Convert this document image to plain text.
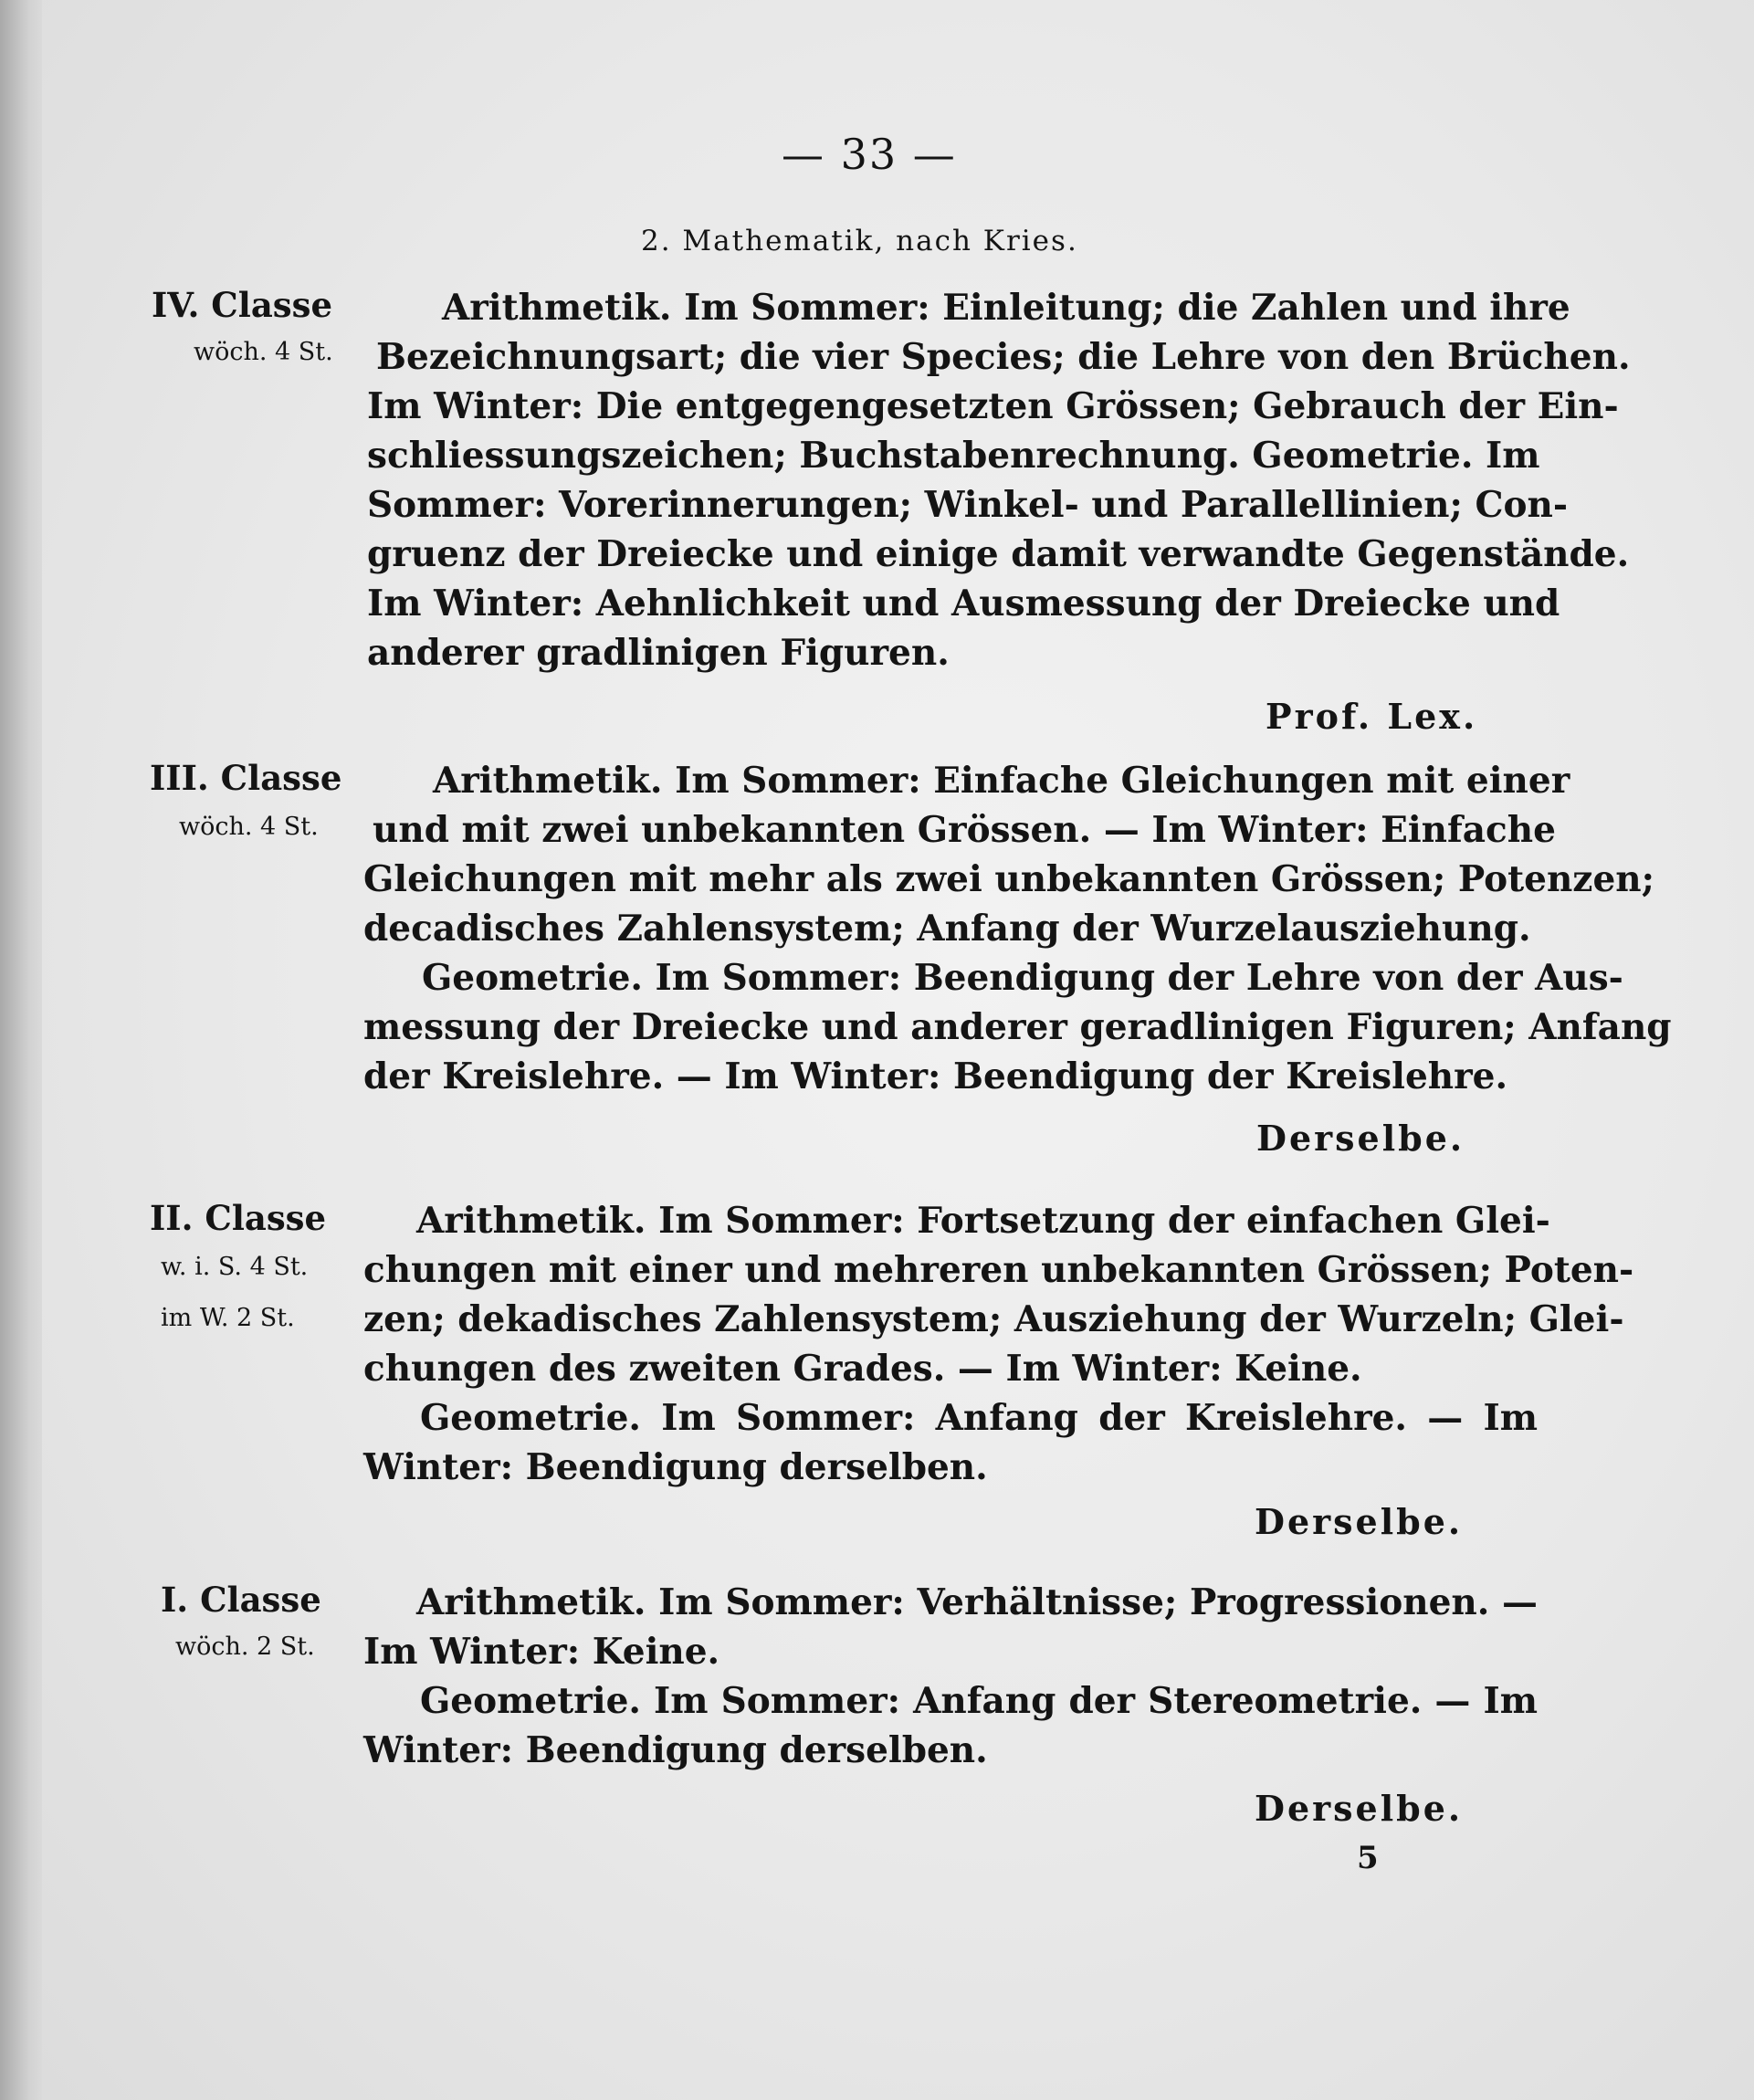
— 33 —
2. Mathematik, nach Kries.
IV. Classe
wöch. 4 St.
Arithmetik. Im Sommer: Einleitung; die Zahlen und ihre
Bezeichnungsart; die vier Species; die Lehre von den Brüchen.
Im Winter: Die entgegengesetzten Grössen; Gebrauch der Ein-
schliessungszeichen; Buchstabenrechnung. Geometrie. Im
Sommer: Vorerinnerungen; Winkel- und Parallellinien; Con-
gruenz der Dreiecke und einige damit verwandte Gegenstände.
Im Winter: Aehnlichkeit und Ausmessung der Dreiecke und
anderer gradlinigen Figuren.
Prof. Lex.
III. Classe
wöch. 4 St.
Arithmetik. Im Sommer: Einfache Gleichungen mit einer
und mit zwei unbekannten Grössen. — Im Winter: Einfache
Gleichungen mit mehr als zwei unbekannten Grössen; Potenzen;
decadisches Zahlensystem; Anfang der Wurzelausziehung.
Geometrie. Im Sommer: Beendigung der Lehre von der Aus-
messung der Dreiecke und anderer geradlinigen Figuren; Anfang
der Kreislehre. — Im Winter: Beendigung der Kreislehre.
Derselbe.
II. Classe
w. i. S. 4 St.
im W. 2 St.
Arithmetik. Im Sommer: Fortsetzung der einfachen Glei-
chungen mit einer und mehreren unbekannten Grössen; Poten-
zen; dekadisches Zahlensystem; Ausziehung der Wurzeln; Glei-
chungen des zweiten Grades. — Im Winter: Keine.
Geometrie. Im Sommer: Anfang der Kreislehre. — Im
Winter: Beendigung derselben.
Derselbe.
I. Classe
wöch. 2 St.
Arithmetik. Im Sommer: Verhältnisse; Progressionen. —
Im Winter: Keine.
Geometrie. Im Sommer: Anfang der Stereometrie. — Im
Winter: Beendigung derselben.
Derselbe.
5
